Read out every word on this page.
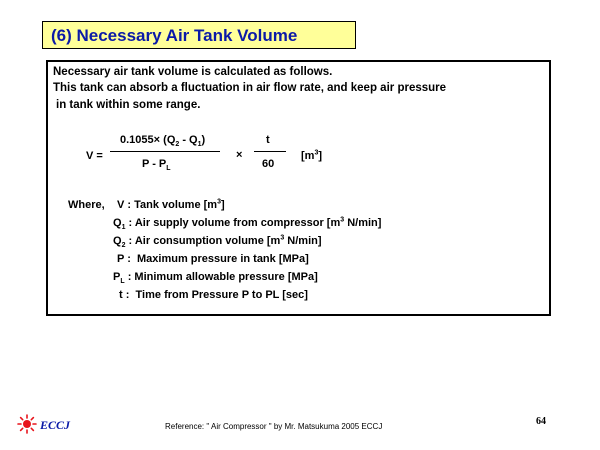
(6) Necessary Air Tank Volume
Necessary air tank volume is calculated as follows.
This tank can absorb a fluctuation in air flow rate, and keep air pressure
in tank within some range.
V =
$0.1055\times (Q_2 - Q_1)$
P - $P_L$
×
t
60
$[m^3]$
Where, V : Tank volume $[m^3]$
$Q_1$ : Air supply volume from compressor [$m^3$ N/min]
$Q_2$ : Air consumption volume [$m^3$ N/min]
P : Maximum pressure in tank [MPa]
$P_L$ : Minimum allowable pressure [MPa]
t : Time from Pressure P to PL [sec]
ECCJ	Reference: " Air Compressor " by Mr. Matsukuma 2005 ECCJ	64
